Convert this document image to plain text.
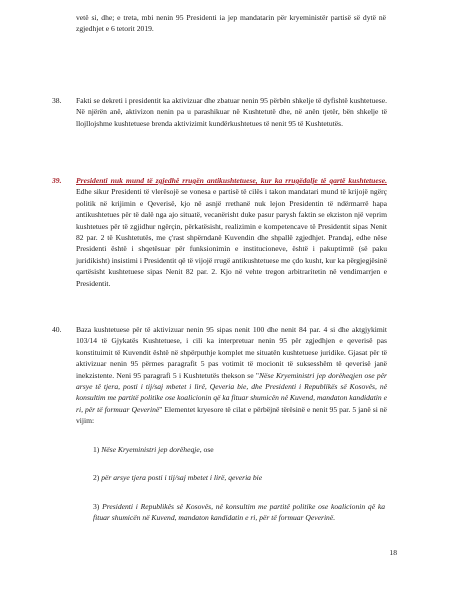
vetë si, dhe; e treta, mbi nenin 95 Presidenti ia jep mandatarin për kryeministër partisë së dytë në zgjedhjet e 6 tetorit 2019.
38. Fakti se dekreti i presidentit ka aktivizuar dhe zbatuar nenin 95 përbën shkelje të dyfishtë kushtetuese. Në njërën anë, aktivizon nenin pa u parashikuar në Kushtetutë dhe, në anën tjetër, bën shkelje të llojllojshme kushtetuese brenda aktivizimit kundërkushtetues të nenit 95 të Kushtetutës.
39. Presidenti nuk mund të zgjedhë rrugën antikushtetuese, kur ka rrugëdalje të qartë kushtetuese. Edhe sikur Presidenti të vlerësojë se vonesa e partisë të cilës i takon mandatari mund të krijojë ngërç politik në krijimin e Qeverisë, kjo në asnjë rrethanë nuk lejon Presidentin të ndërmarrë hapa antikushtetues për të dalë nga ajo situatë, vecanërisht duke pasur parysh faktin se ekziston një veprim kushtetues për të zgjidhur ngërçin, përkatësisht, realizimin e kompetencave të Presidentit sipas Nenit 82 par. 2 të Kushtetutës, me ç'rast shpërndanë Kuvendin dhe shpallë zgjedhjet. Prandaj, edhe nëse Presidenti është i shqetësuar për funksionimin e institucioneve, është i pakuptimtë (së paku juridikisht) insistimi i Presidentit që të vijojë rrugë antikushtetuese me çdo kusht, kur ka përgjegjësinë qartësisht kushtetuese sipas Nenit 82 par. 2. Kjo në vehte tregon arbitraritetin në vendimarrjen e Presidentit.
40. Baza kushtetuese për të aktivizuar nenin 95 sipas nenit 100 dhe nenit 84 par. 4 si dhe aktgjykimit 103/14 të Gjykatës Kushtetuese, i cili ka interpretuar nenin 95 për zgjedhjen e qeverisë pas konstituimit të Kuvendit është në shpërputhje komplet me situatën kushtetuese juridike. Gjasat për të aktivizuar nenin 95 përmes paragrafit 5 pas votimit të mocionit të suksesshëm të qeverisë janë inekzistente. Neni 95 paragrafi 5 i Kushtetutës thekson se "Nëse Kryeministri jep dorëheqjen ose për arsye të tjera, posti i tij/saj mbetet i lirë, Qeveria bie, dhe Presidenti i Republikës së Kosovës, në konsultim me partitë politike ose koalicionin që ka fituar shumicën në Kuvend, mandaton kandidatin e ri, për të formuar Qeverinë" Elementet kryesore të cilat e përbëjnë tërësinë e nenit 95 par. 5 janë si në vijim:
1) Nëse Kryeministri jep dorëheqje, ose
2) për arsye tjera posti i tij/saj mbetet i lirë, qeveria bie
3) Presidenti i Republikës së Kosovës, në konsultim me partitë politike ose koalicionin që ka fituar shumicën në Kuvend, mandaton kandidatin e ri, për të formuar Qeverinë.
18
